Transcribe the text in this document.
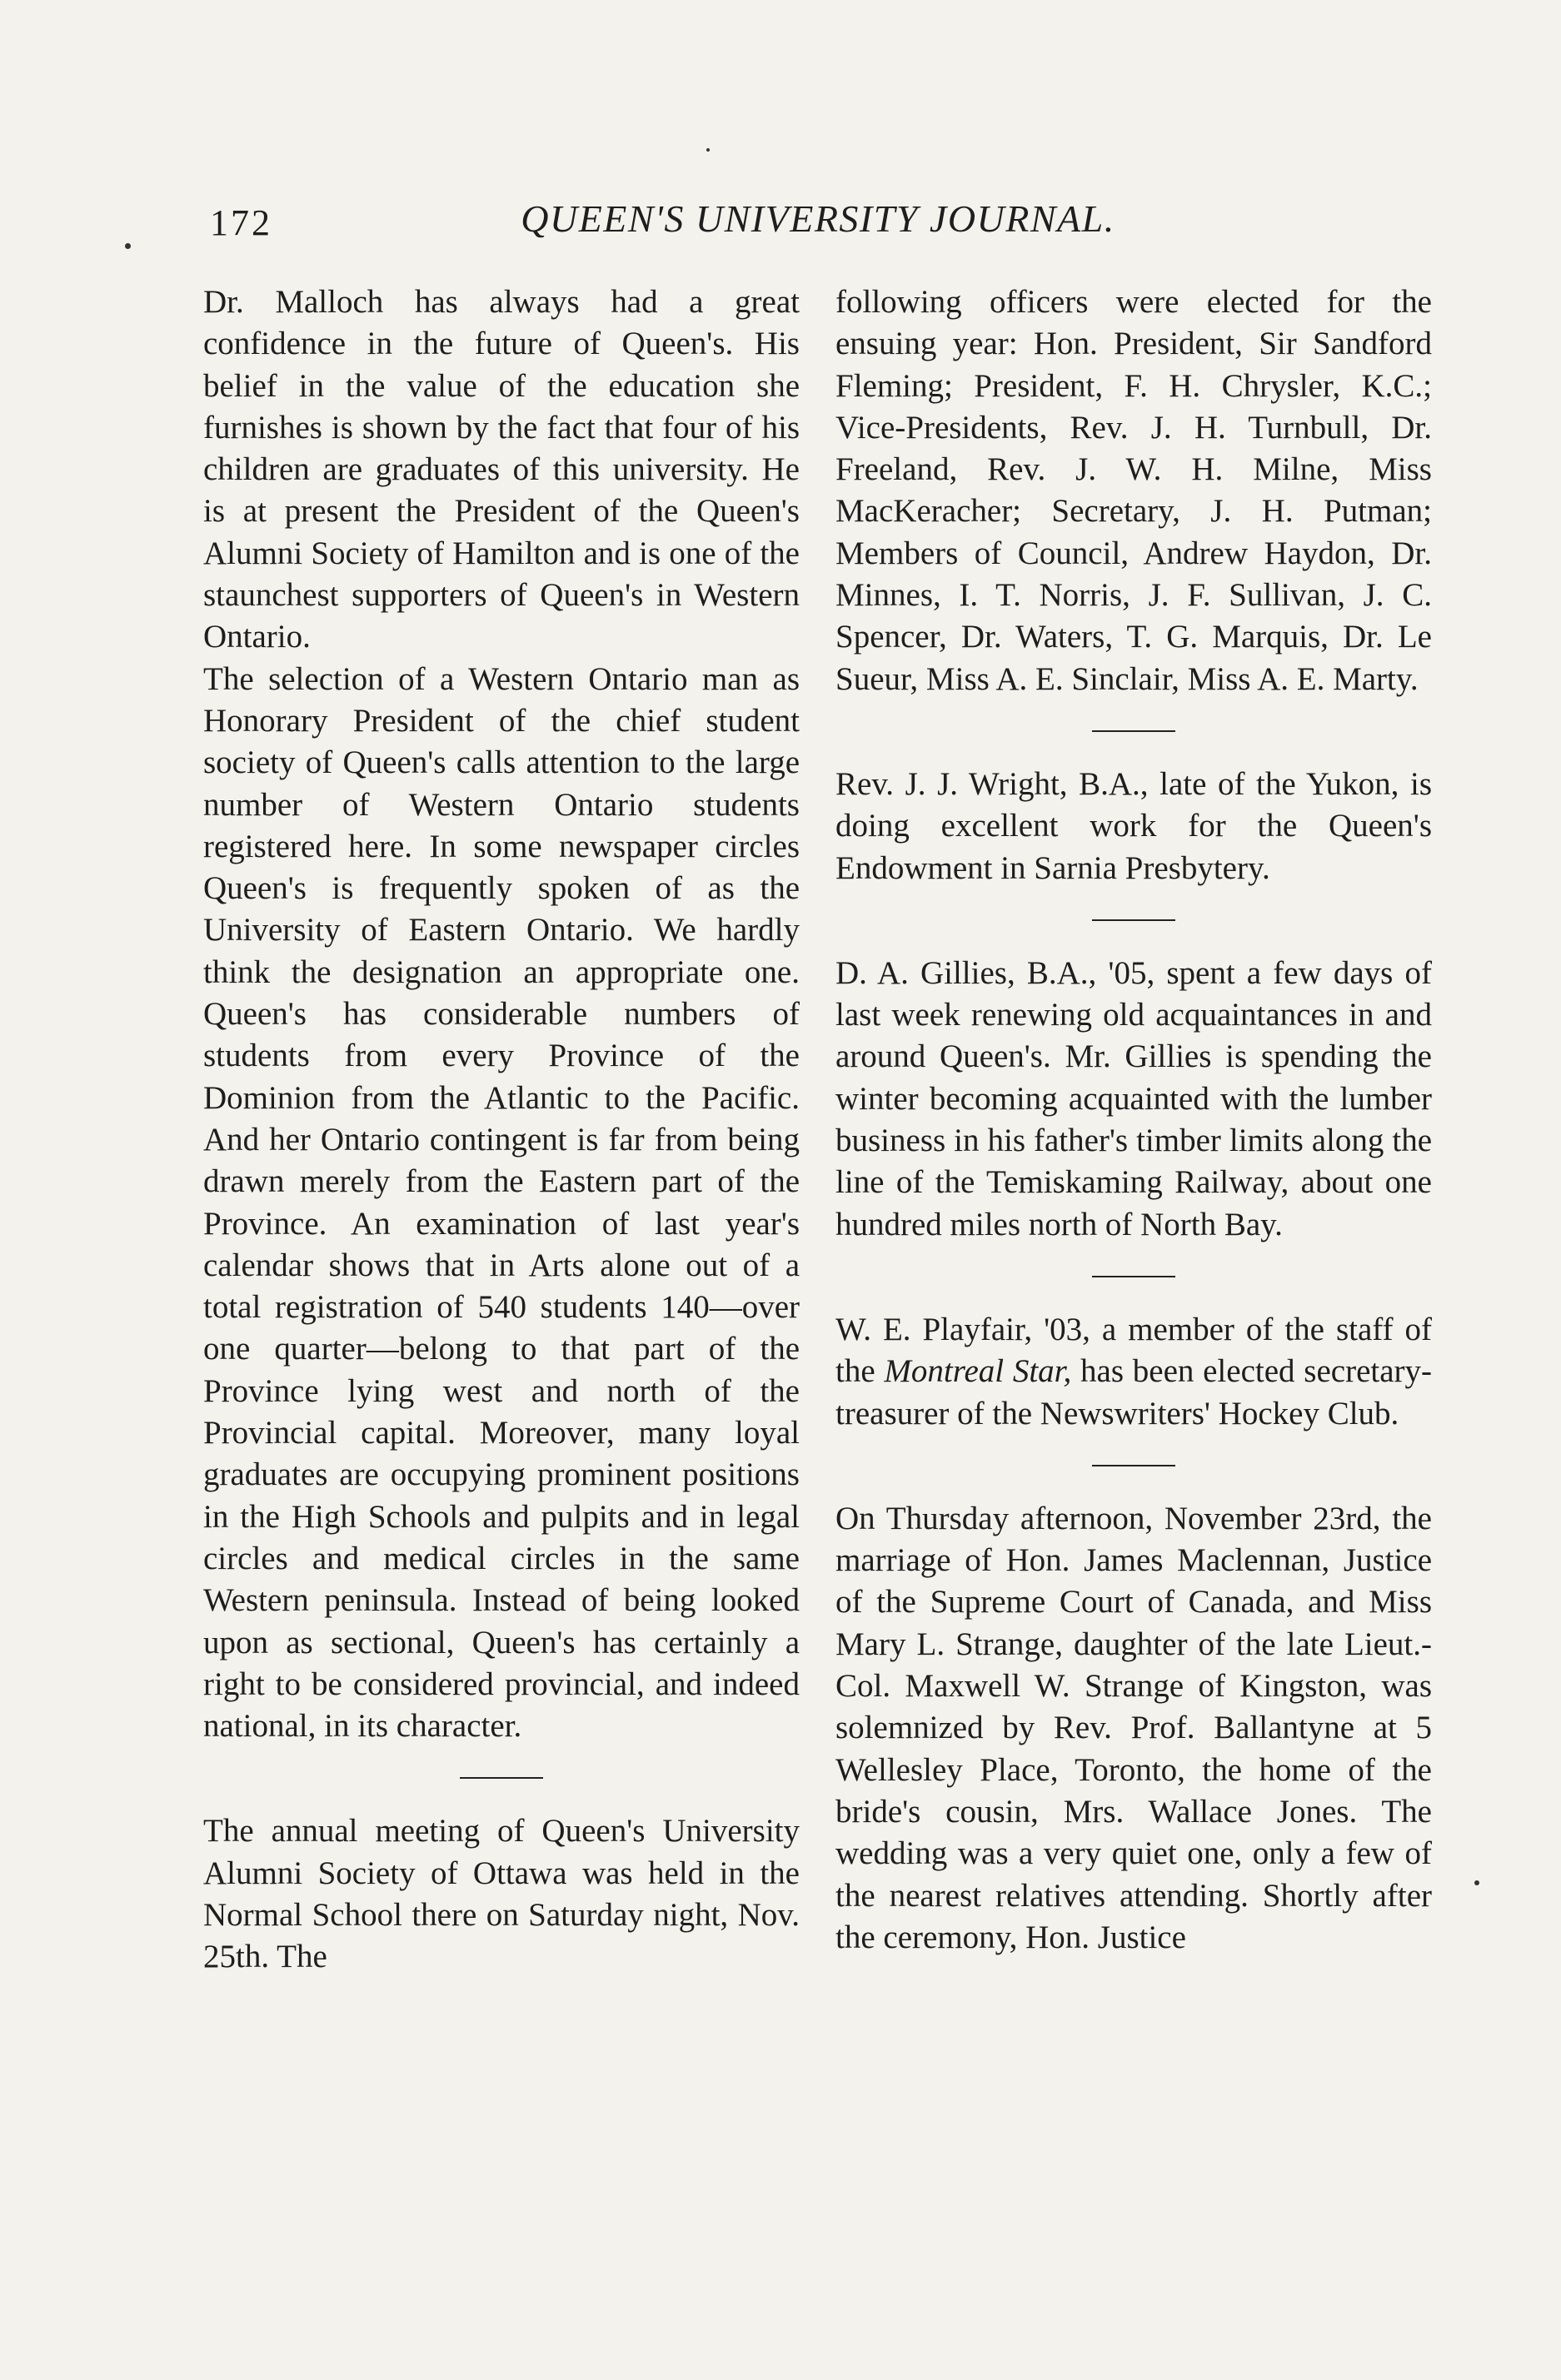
172	QUEEN'S UNIVERSITY JOURNAL.

Dr. Malloch has always had a great confidence in the future of Queen's. His belief in the value of the education she furnishes is shown by the fact that four of his children are graduates of this university. He is at present the President of the Queen's Alumni Society of Hamilton and is one of the staunchest supporters of Queen's in Western Ontario.

The selection of a Western Ontario man as Honorary President of the chief student society of Queen's calls attention to the large number of Western Ontario students registered here. In some newspaper circles Queen's is frequently spoken of as the University of Eastern Ontario. We hardly think the designation an appropriate one. Queen's has considerable numbers of students from every Province of the Dominion from the Atlantic to the Pacific. And her Ontario contingent is far from being drawn merely from the Eastern part of the Province. An examination of last year's calendar shows that in Arts alone out of a total registration of 540 students 140—over one quarter—belong to that part of the Province lying west and north of the Provincial capital. Moreover, many loyal graduates are occupying prominent positions in the High Schools and pulpits and in legal circles and medical circles in the same Western peninsula. Instead of being looked upon as sectional, Queen's has certainly a right to be considered provincial, and indeed national, in its character.

The annual meeting of Queen's University Alumni Society of Ottawa was held in the Normal School there on Saturday night, Nov. 25th. The

following officers were elected for the ensuing year: Hon. President, Sir Sandford Fleming; President, F. H. Chrysler, K.C.; Vice-Presidents, Rev. J. H. Turnbull, Dr. Freeland, Rev. J. W. H. Milne, Miss MacKeracher; Secretary, J. H. Putman; Members of Council, Andrew Haydon, Dr. Minnes, I. T. Norris, J. F. Sullivan, J. C. Spencer, Dr. Waters, T. G. Marquis, Dr. Le Sueur, Miss A. E. Sinclair, Miss A. E. Marty.

Rev. J. J. Wright, B.A., late of the Yukon, is doing excellent work for the Queen's Endowment in Sarnia Presbytery.

D. A. Gillies, B.A., '05, spent a few days of last week renewing old acquaintances in and around Queen's. Mr. Gillies is spending the winter becoming acquainted with the lumber business in his father's timber limits along the line of the Temiskaming Railway, about one hundred miles north of North Bay.

W. E. Playfair, '03, a member of the staff of the Montreal Star, has been elected secretary-treasurer of the Newswriters' Hockey Club.

On Thursday afternoon, November 23rd, the marriage of Hon. James Maclennan, Justice of the Supreme Court of Canada, and Miss Mary L. Strange, daughter of the late Lieut.-Col. Maxwell W. Strange of Kingston, was solemnized by Rev. Prof. Ballantyne at 5 Wellesley Place, Toronto, the home of the bride's cousin, Mrs. Wallace Jones. The wedding was a very quiet one, only a few of the nearest relatives attending. Shortly after the ceremony, Hon. Justice
